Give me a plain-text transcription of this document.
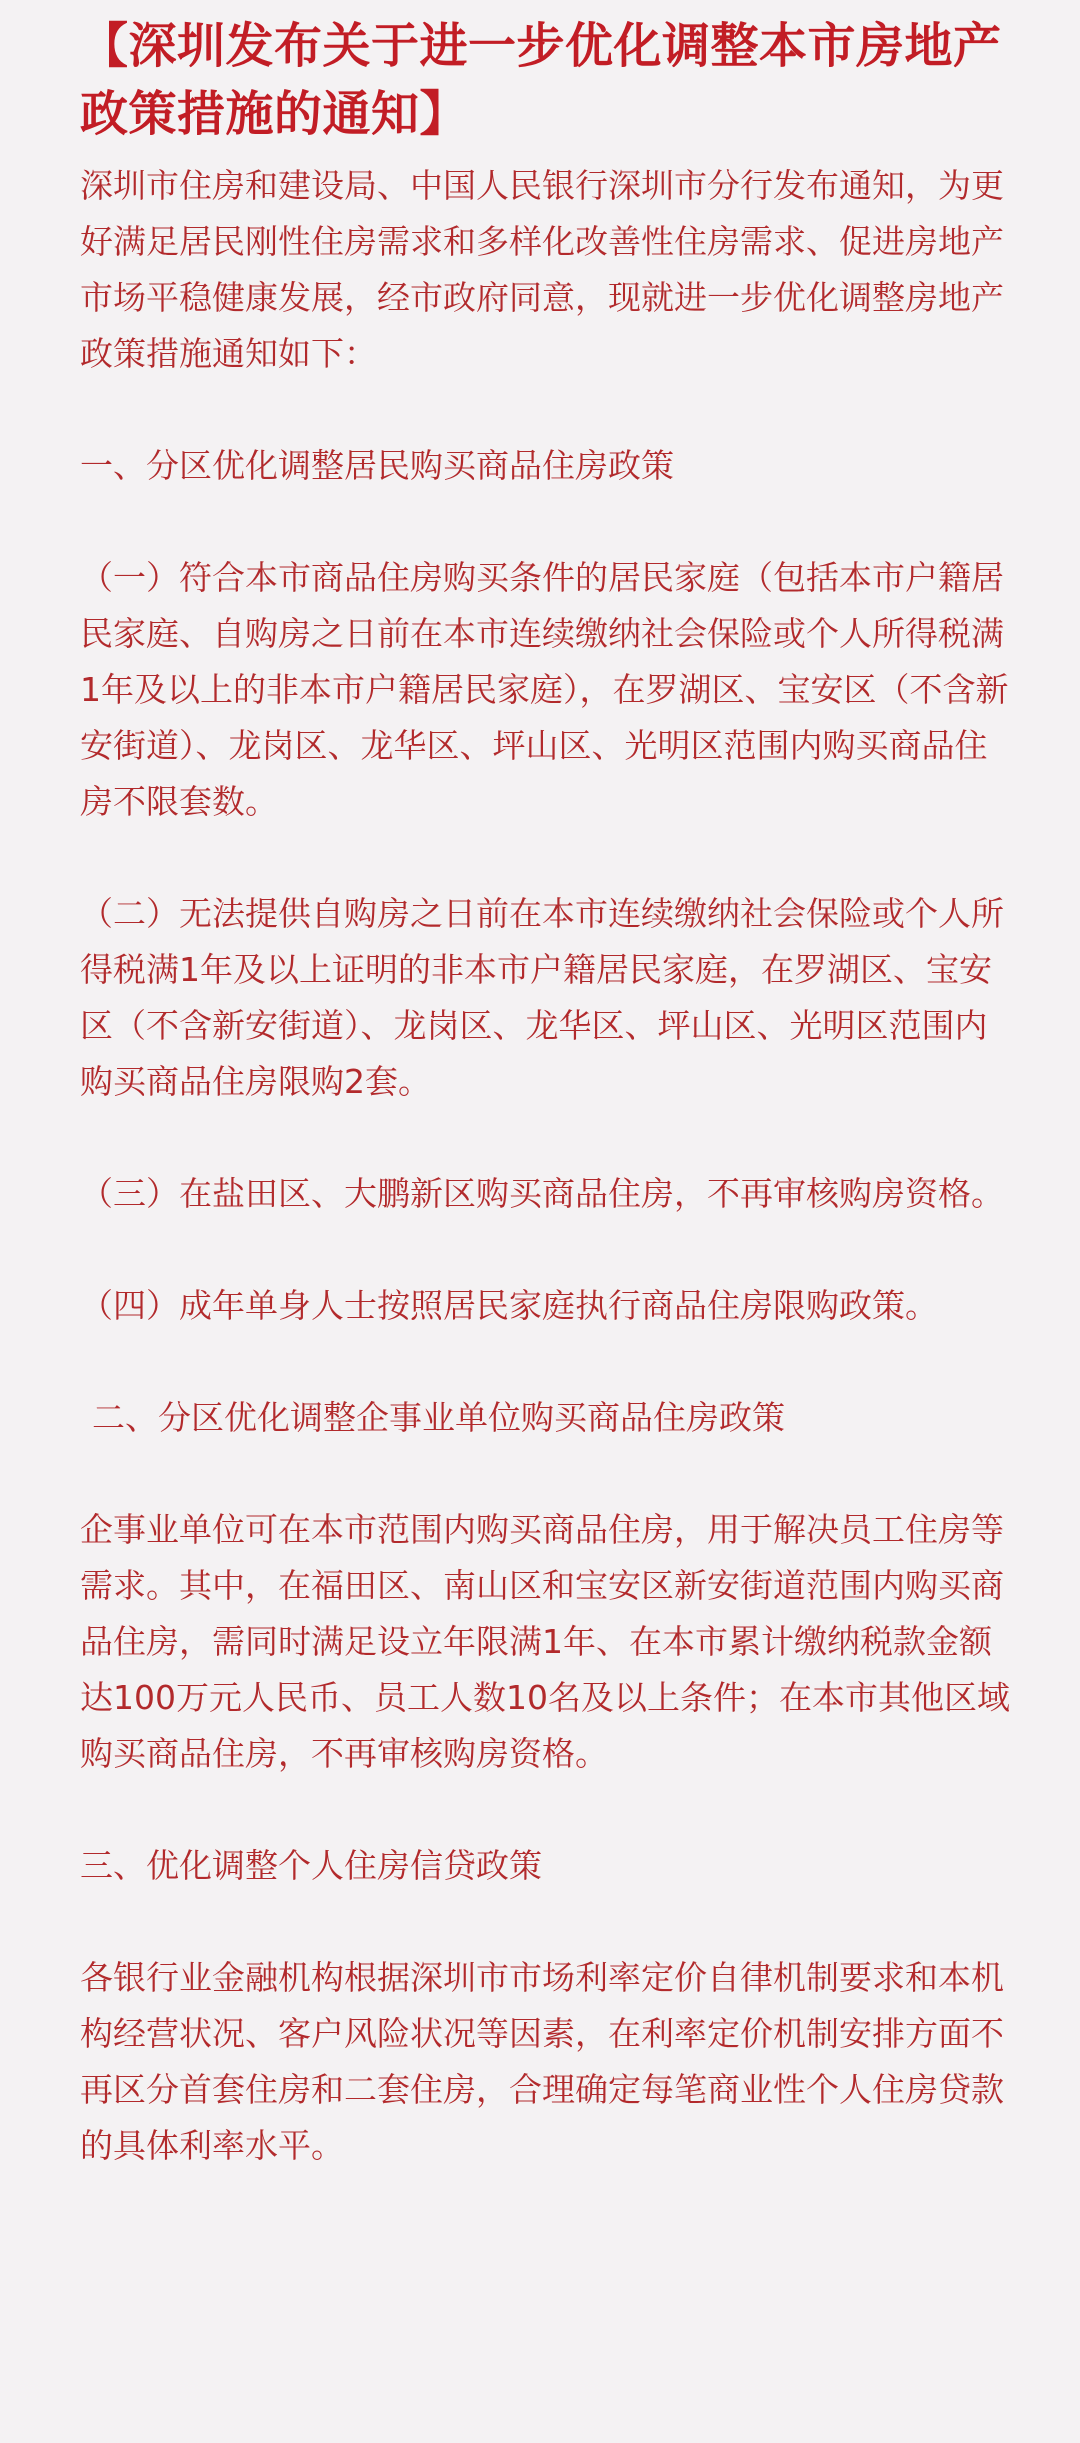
【深圳发布关于进一步优化调整本市房地产政策措施的通知】

深圳市住房和建设局、中国人民银行深圳市分行发布通知，为更好满足居民刚性住房需求和多样化改善性住房需求、促进房地产市场平稳健康发展，经市政府同意，现就进一步优化调整房地产政策措施通知如下：

一、分区优化调整居民购买商品住房政策

（一）符合本市商品住房购买条件的居民家庭（包括本市户籍居民家庭、自购房之日前在本市连续缴纳社会保险或个人所得税满1年及以上的非本市户籍居民家庭），在罗湖区、宝安区（不含新安街道）、龙岗区、龙华区、坪山区、光明区范围内购买商品住房不限套数。

（二）无法提供自购房之日前在本市连续缴纳社会保险或个人所得税满1年及以上证明的非本市户籍居民家庭，在罗湖区、宝安区（不含新安街道）、龙岗区、龙华区、坪山区、光明区范围内购买商品住房限购2套。

（三）在盐田区、大鹏新区购买商品住房，不再审核购房资格。

（四）成年单身人士按照居民家庭执行商品住房限购政策。

二、分区优化调整企事业单位购买商品住房政策

企事业单位可在本市范围内购买商品住房，用于解决员工住房等需求。其中，在福田区、南山区和宝安区新安街道范围内购买商品住房，需同时满足设立年限满1年、在本市累计缴纳税款金额达100万元人民币、员工人数10名及以上条件；在本市其他区域购买商品住房，不再审核购房资格。

三、优化调整个人住房信贷政策

各银行业金融机构根据深圳市市场利率定价自律机制要求和本机构经营状况、客户风险状况等因素，在利率定价机制安排方面不再区分首套住房和二套住房，合理确定每笔商业性个人住房贷款的具体利率水平。
